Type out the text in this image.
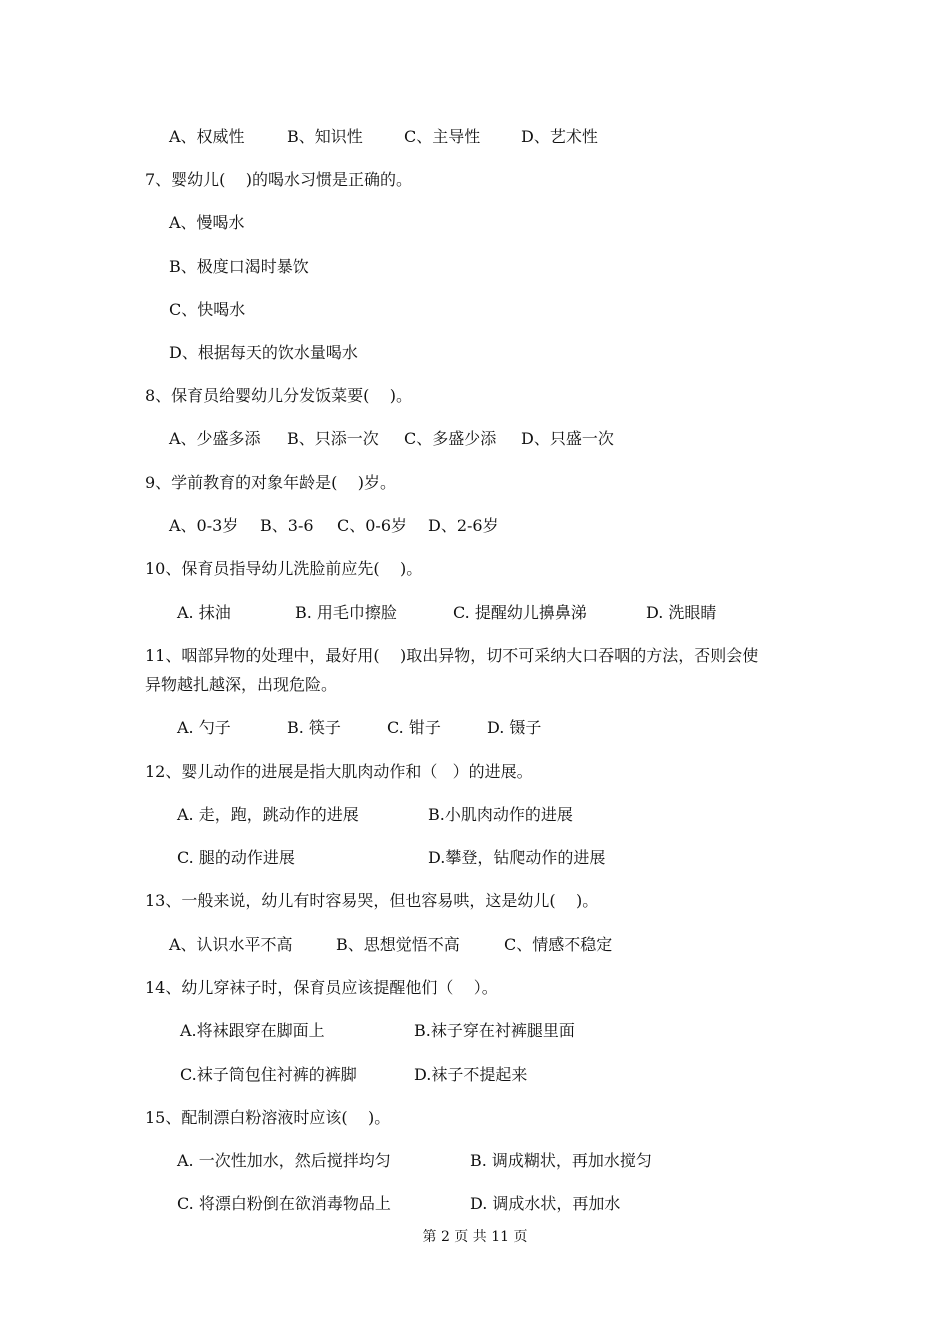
A、权威性	B、知识性	C、主导性	D、艺术性
7、婴幼儿(    )的喝水习惯是正确的。
A、慢喝水
B、极度口渴时暴饮
C、快喝水
D、根据每天的饮水量喝水
8、保育员给婴幼儿分发饭菜要(    )。
A、少盛多添 B、只添一次 C、多盛少添 D、只盛一次
9、学前教育的对象年龄是(    )岁。
A、0-3岁 B、3-6 C、0-6岁 D、2-6岁
10、保育员指导幼儿洗脸前应先(    )。
A. 抹油	B. 用毛巾擦脸	C. 提醒幼儿擤鼻涕	D. 洗眼睛
11、咽部异物的处理中，最好用(    )取出异物，切不可采纳大口吞咽的方法，否则会使
异物越扎越深，出现危险。
A. 勺子	B. 筷子	C. 钳子	D. 镊子
12、婴儿动作的进展是指大肌肉动作和（   ）的进展。
A. 走，跑，跳动作的进展	B.小肌肉动作的进展
C. 腿的动作进展	D.攀登，钻爬动作的进展
13、一般来说，幼儿有时容易哭，但也容易哄，这是幼儿(    )。
A、认识水平不高	B、思想觉悟不高	C、情感不稳定
14、幼儿穿袜子时，保育员应该提醒他们（    ）。
A.将袜跟穿在脚面上	B.袜子穿在衬裤腿里面
C.袜子筒包住衬裤的裤脚	D.袜子不提起来
15、配制漂白粉溶液时应该(    )。
A. 一次性加水，然后搅拌均匀	B. 调成糊状，再加水搅匀
C. 将漂白粉倒在欲消毒物品上	D. 调成水状，再加水
第 2 页 共 11 页
